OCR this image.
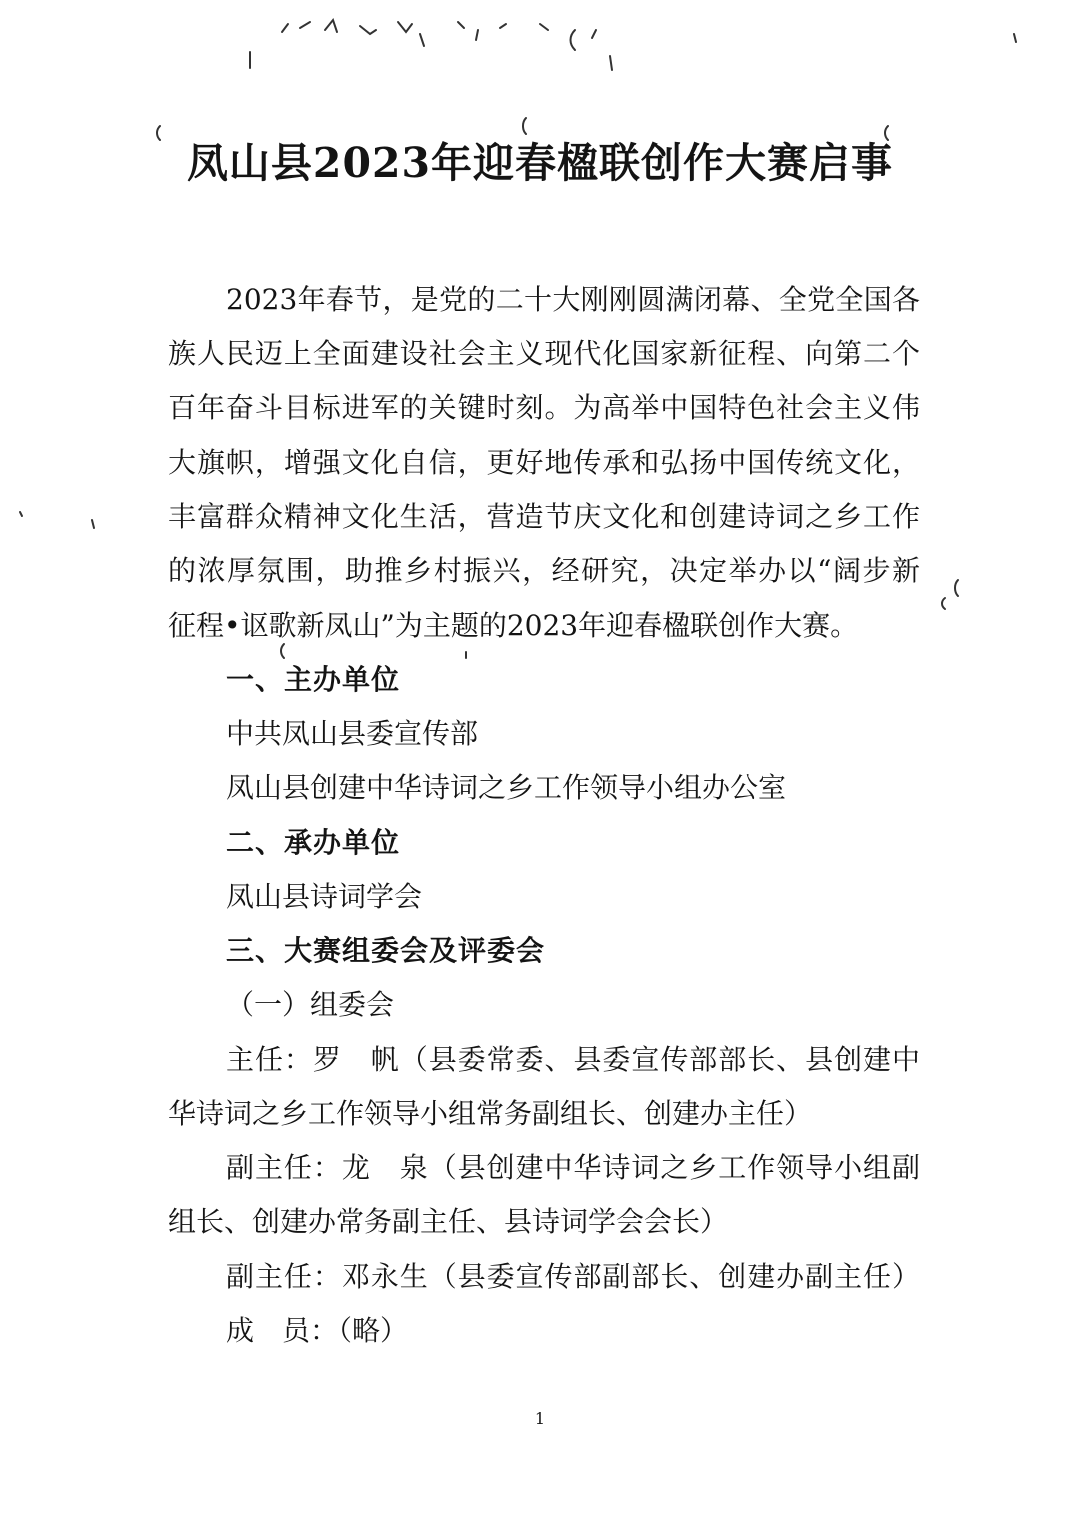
凤山县2023年迎春楹联创作大赛启事
2023年春节，是党的二十大刚刚圆满闭幕、全党全国各
族人民迈上全面建设社会主义现代化国家新征程、向第二个
百年奋斗目标进军的关键时刻。为高举中国特色社会主义伟
大旗帜，增强文化自信，更好地传承和弘扬中国传统文化，
丰富群众精神文化生活，营造节庆文化和创建诗词之乡工作
的浓厚氛围，助推乡村振兴，经研究，决定举办以“阔步新
征程•讴歌新凤山”为主题的2023年迎春楹联创作大赛。
一、主办单位
中共凤山县委宣传部
凤山县创建中华诗词之乡工作领导小组办公室
二、承办单位
凤山县诗词学会
三、大赛组委会及评委会
（一）组委会
主任：罗　帆（县委常委、县委宣传部部长、县创建中
华诗词之乡工作领导小组常务副组长、创建办主任）
副主任：龙　泉（县创建中华诗词之乡工作领导小组副
组长、创建办常务副主任、县诗词学会会长）
副主任：邓永生（县委宣传部副部长、创建办副主任）
成　员：（略）
1
